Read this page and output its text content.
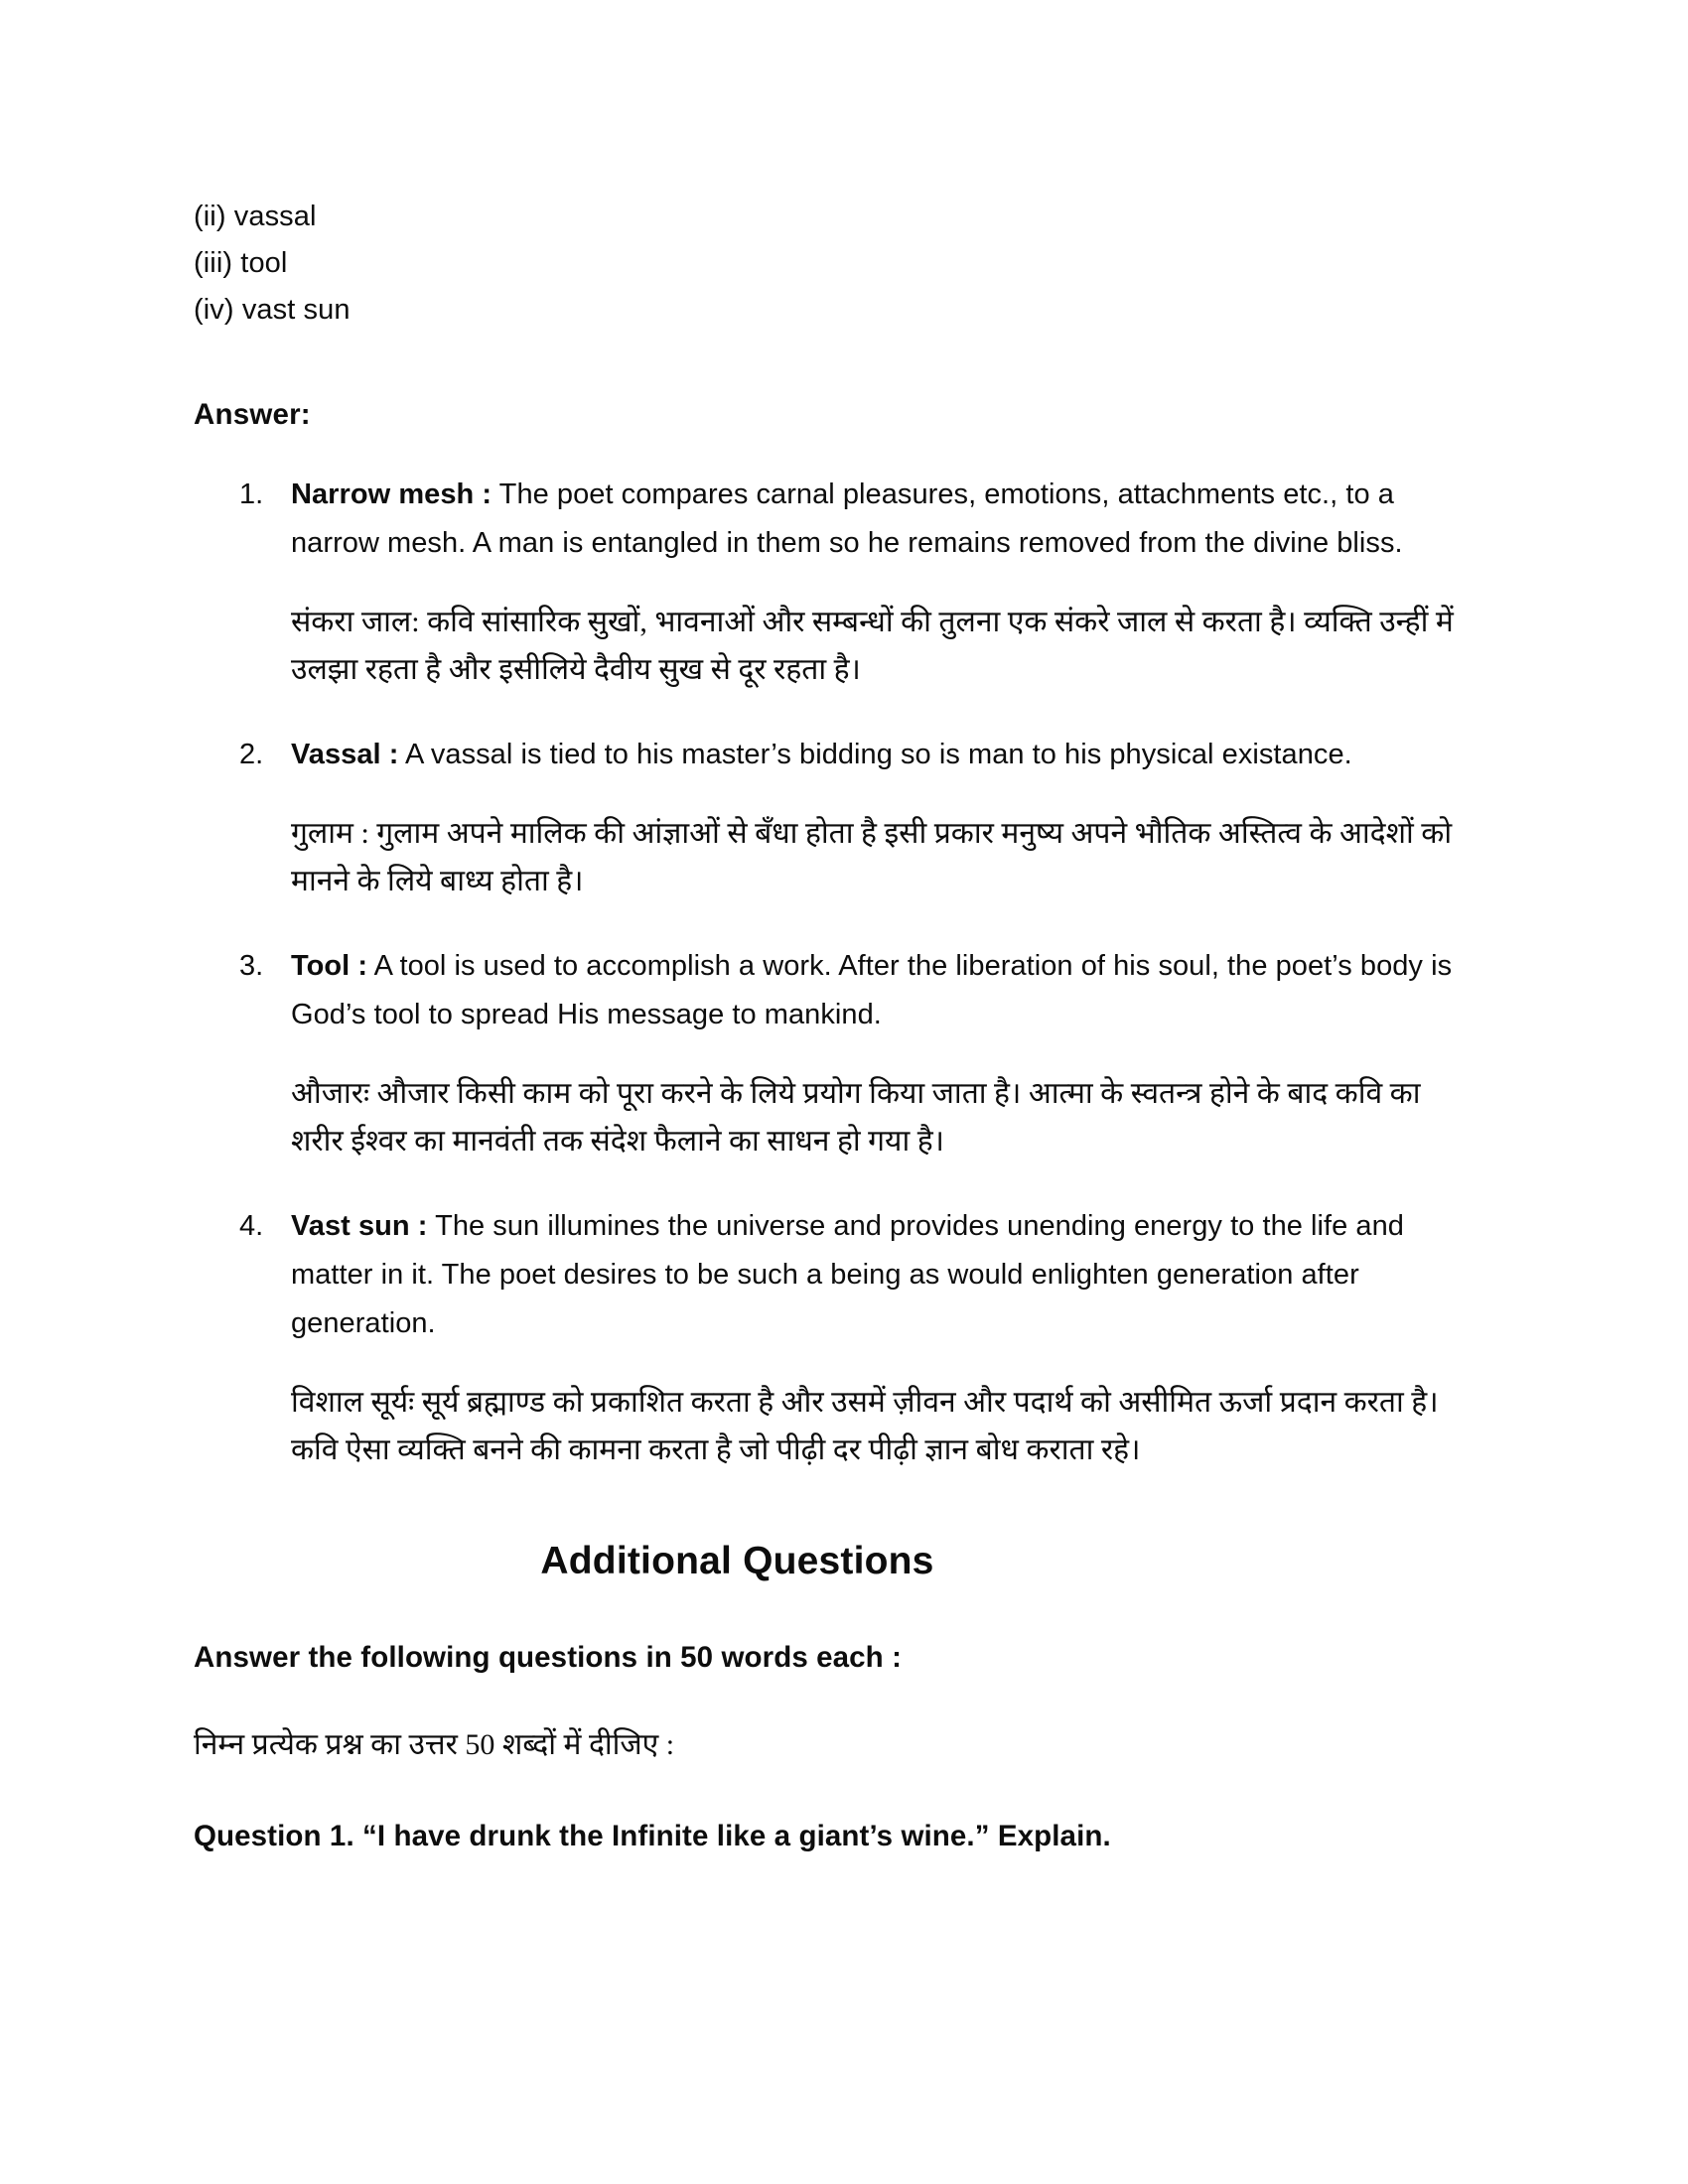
(ii) vassal
(iii) tool
(iv) vast sun
Answer:
Narrow mesh : The poet compares carnal pleasures, emotions, attachments etc., to a narrow mesh. A man is entangled in them so he remains removed from the divine bliss.
संकरा जाल: कवि सांसारिक सुखों, भावनाओं और सम्बन्धों की तुलना एक संकरे जाल से करता है। व्यक्ति उन्हीं में उलझा रहता है और इसीलिये दैवीय सुख से दूर रहता है।
Vassal : A vassal is tied to his master’s bidding so is man to his physical existance.
गुलाम : गुलाम अपने मालिक की आंज्ञाओं से बँधा होता है इसी प्रकार मनुष्य अपने भौतिक अस्तित्व के आदेशों को मानने के लिये बाध्य होता है।
Tool : A tool is used to accomplish a work. After the liberation of his soul, the poet’s body is God’s tool to spread His message to mankind.
औजारः औजार किसी काम को पूरा करने के लिये प्रयोग किया जाता है। आत्मा के स्वतन्त्र होने के बाद कवि का शरीर ईश्वर का मानवंती तक संदेश फैलाने का साधन हो गया है।
Vast sun : The sun illumines the universe and provides unending energy to the life and matter in it. The poet desires to be such a being as would enlighten generation after generation.
विशाल सूर्यः सूर्य ब्रह्माण्ड को प्रकाशित करता है और उसमें ज़ीवन और पदार्थ को असीमित ऊर्जा प्रदान करता है। कवि ऐसा व्यक्ति बनने की कामना करता है जो पीढ़ी दर पीढ़ी ज्ञान बोध कराता रहे।
Additional Questions
Answer the following questions in 50 words each :
निम्न प्रत्येक प्रश्न का उत्तर 50 शब्दों में दीजिए :
Question 1. “I have drunk the Infinite like a giant’s wine.” Explain.
